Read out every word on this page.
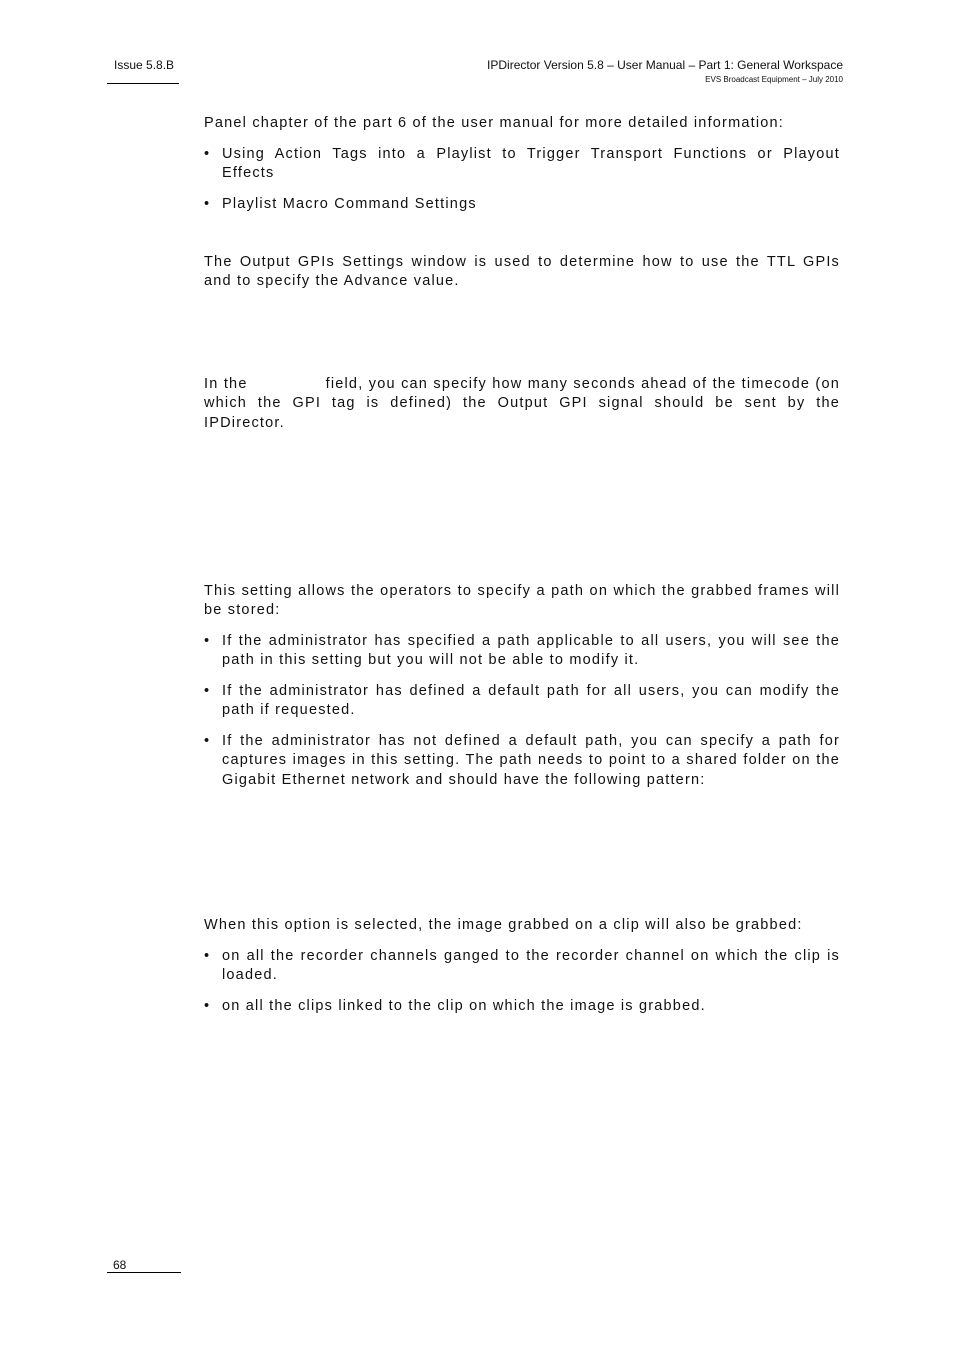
Issue 5.8.B	IPDirector Version 5.8 – User Manual – Part 1: General Workspace
EVS Broadcast Equipment – July 2010

Panel chapter of the part 6 of the user manual for more detailed information:

• Using Action Tags into a Playlist to Trigger Transport Functions or Playout Effects
• Playlist Macro Command Settings

The Output GPIs Settings window is used to determine how to use the TTL GPIs and to specify the Advance value.

In the	field, you can specify how many seconds ahead of the timecode (on which the GPI tag is defined) the Output GPI signal should be sent by the IPDirector.

This setting allows the operators to specify a path on which the grabbed frames will be stored:

• If the administrator has specified a path applicable to all users, you will see the path in this setting but you will not be able to modify it.
• If the administrator has defined a default path for all users, you can modify the path if requested.
• If the administrator has not defined a default path, you can specify a path for captures images in this setting. The path needs to point to a shared folder on the Gigabit Ethernet network and should have the following pattern:

When this option is selected, the image grabbed on a clip will also be grabbed:

• on all the recorder channels ganged to the recorder channel on which the clip is loaded.
• on all the clips linked to the clip on which the image is grabbed.
68
